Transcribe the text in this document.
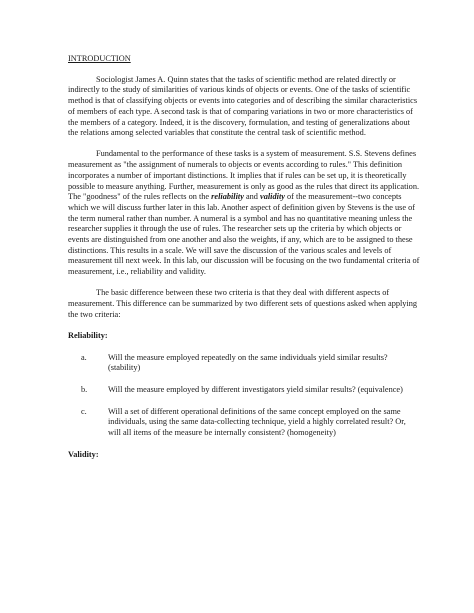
INTRODUCTION

Sociologist James A. Quinn states that the tasks of scientific method are related directly or indirectly to the study of similarities of various kinds of objects or events. One of the tasks of scientific method is that of classifying objects or events into categories and of describing the similar characteristics of members of each type. A second task is that of comparing variations in two or more characteristics of the members of a category. Indeed, it is the discovery, formulation, and testing of generalizations about the relations among selected variables that constitute the central task of scientific method.

Fundamental to the performance of these tasks is a system of measurement. S.S. Stevens defines measurement as "the assignment of numerals to objects or events according to rules." This definition incorporates a number of important distinctions. It implies that if rules can be set up, it is theoretically possible to measure anything. Further, measurement is only as good as the rules that direct its application. The "goodness" of the rules reflects on the reliability and validity of the measurement--two concepts which we will discuss further later in this lab. Another aspect of definition given by Stevens is the use of the term numeral rather than number. A numeral is a symbol and has no quantitative meaning unless the researcher supplies it through the use of rules. The researcher sets up the criteria by which objects or events are distinguished from one another and also the weights, if any, which are to be assigned to these distinctions. This results in a scale. We will save the discussion of the various scales and levels of measurement till next week. In this lab, our discussion will be focusing on the two fundamental criteria of measurement, i.e., reliability and validity.

The basic difference between these two criteria is that they deal with different aspects of measurement. This difference can be summarized by two different sets of questions asked when applying the two criteria:

Reliability:
a.	Will the measure employed repeatedly on the same individuals yield similar results? (stability)
b.	Will the measure employed by different investigators yield similar results? (equivalence)
c.	Will a set of different operational definitions of the same concept employed on the same individuals, using the same data-collecting technique, yield a highly correlated result? Or, will all items of the measure be internally consistent? (homogeneity)
Validity:
